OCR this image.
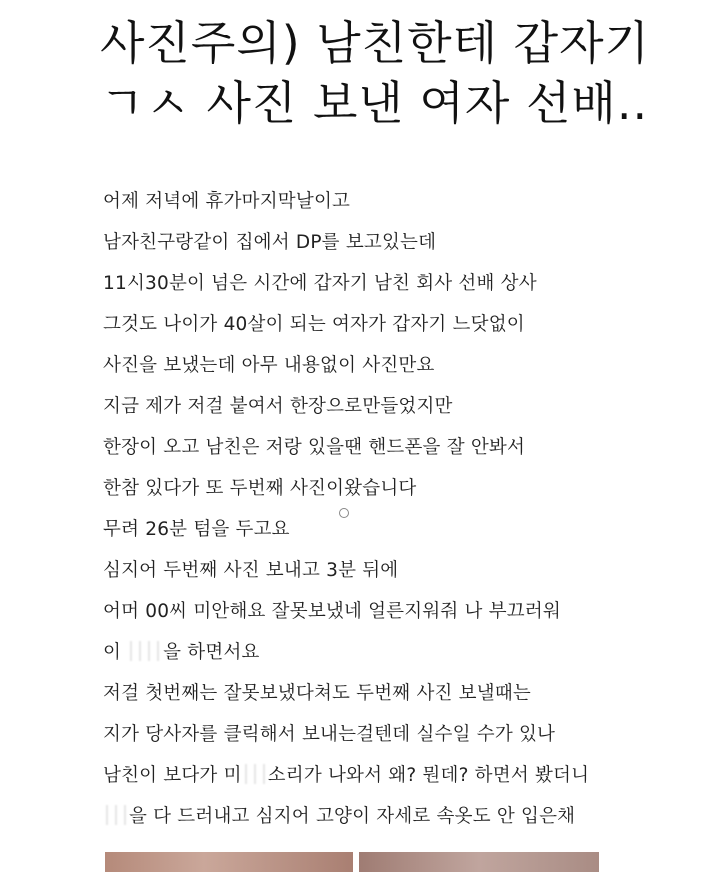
사진주의) 남친한테 갑자기
ㄱㅅ 사진 보낸 여자 선배..
어제 저녁에 휴가마지막날이고
남자친구랑같이 집에서 DP를 보고있는데
11시30분이 넘은 시간에 갑자기 남친 회사 선배 상사
그것도 나이가 40살이 되는 여자가 갑자기 느닷없이
사진을 보냈는데 아무 내용없이 사진만요
지금 제가 저걸 붙여서 한장으로만들었지만
한장이 오고 남친은 저랑 있을땐 핸드폰을 잘 안봐서
한참 있다가 또 두번째 사진이왔습니다
무려 26분 텀을 두고요
심지어 두번째 사진 보내고 3분 뒤에
어머 00씨 미안해요 잘못보냈네 얼른지워줘 나 부끄러워
이 을 하면서요
저걸 첫번째는 잘못보냈다쳐도 두번째 사진 보낼때는
지가 당사자를 클릭해서 보내는걸텐데 실수일 수가 있나
남친이 보다가 미 소리가 나와서 왜? 뭔데? 하면서 봤더니
을 다 드러내고 심지어 고양이 자세로 속옷도 안 입은채
